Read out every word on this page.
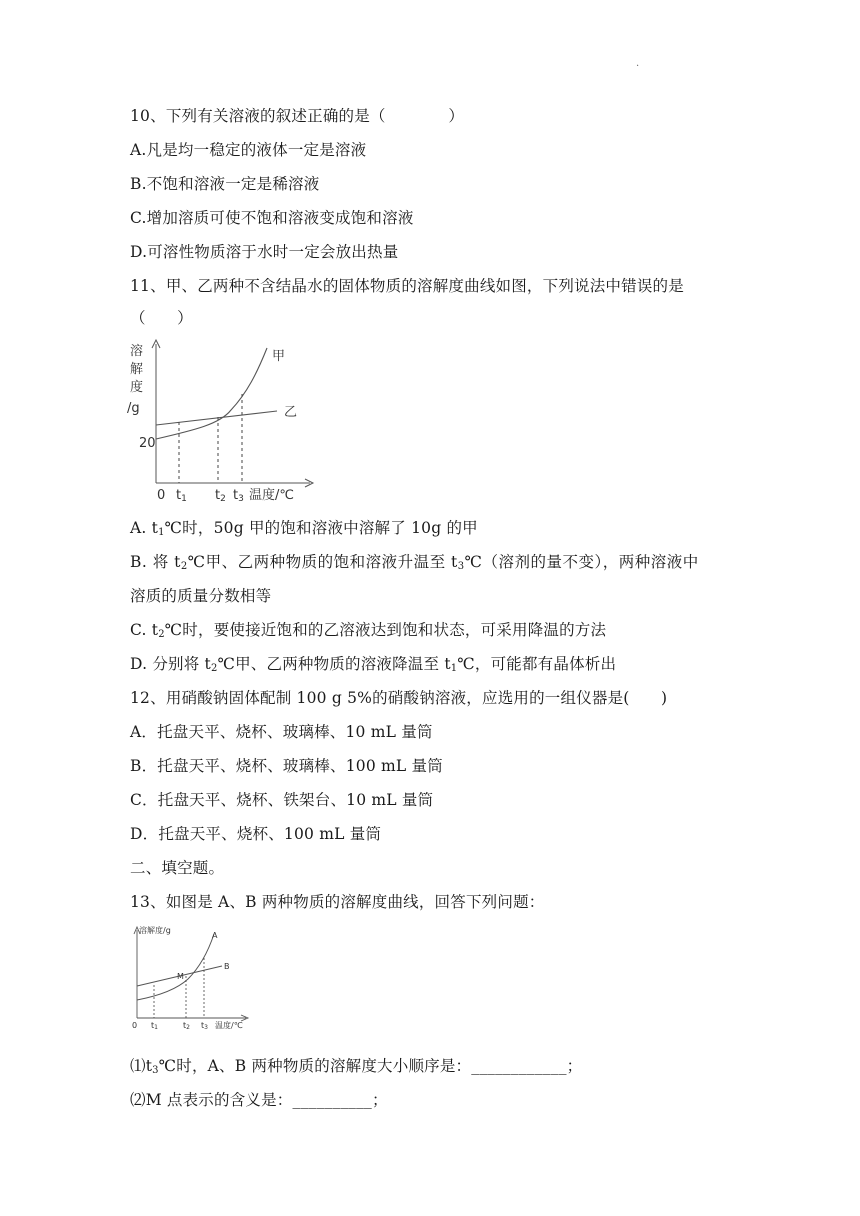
.
10、下列有关溶液的叙述正确的是（　　　　）
A.凡是均一稳定的液体一定是溶液
B.不饱和溶液一定是稀溶液
C.增加溶质可使不饱和溶液变成饱和溶液
D.可溶性物质溶于水时一定会放出热量
11、甲、乙两种不含结晶水的固体物质的溶解度曲线如图，下列说法中错误的是
（　　）
溶
解
度
/g
20
0 t1 t2 t3 温度/℃
甲
乙
A. $t_1℃$时，50g 甲的饱和溶液中溶解了 10g 的甲
B. 将 $t_2℃$甲、乙两种物质的饱和溶液升温至 $t_3℃$（溶剂的量不变），两种溶液中
溶质的质量分数相等
C. $t_2℃$时，要使接近饱和的乙溶液达到饱和状态，可采用降温的方法
D. 分别将 $t_2℃$甲、乙两种物质的溶液降温至 $t_1℃$，可能都有晶体析出
12、用硝酸钠固体配制 100 g 5%的硝酸钠溶液，应选用的一组仪器是(　　)
A．托盘天平、烧杯、玻璃棒、10 mL 量筒
B．托盘天平、烧杯、玻璃棒、100 mL 量筒
C．托盘天平、烧杯、铁架台、10 mL 量筒
D．托盘天平、烧杯、100 mL 量筒
二、填空题。
13、如图是 A、B 两种物质的溶解度曲线，回答下列问题：
溶解度/g
0 t1	t2 t3 温度/℃
A
B
M
$⑴t_3℃$时，A、B 两种物质的溶解度大小顺序是：____________；
⑵M 点表示的含义是：__________；
